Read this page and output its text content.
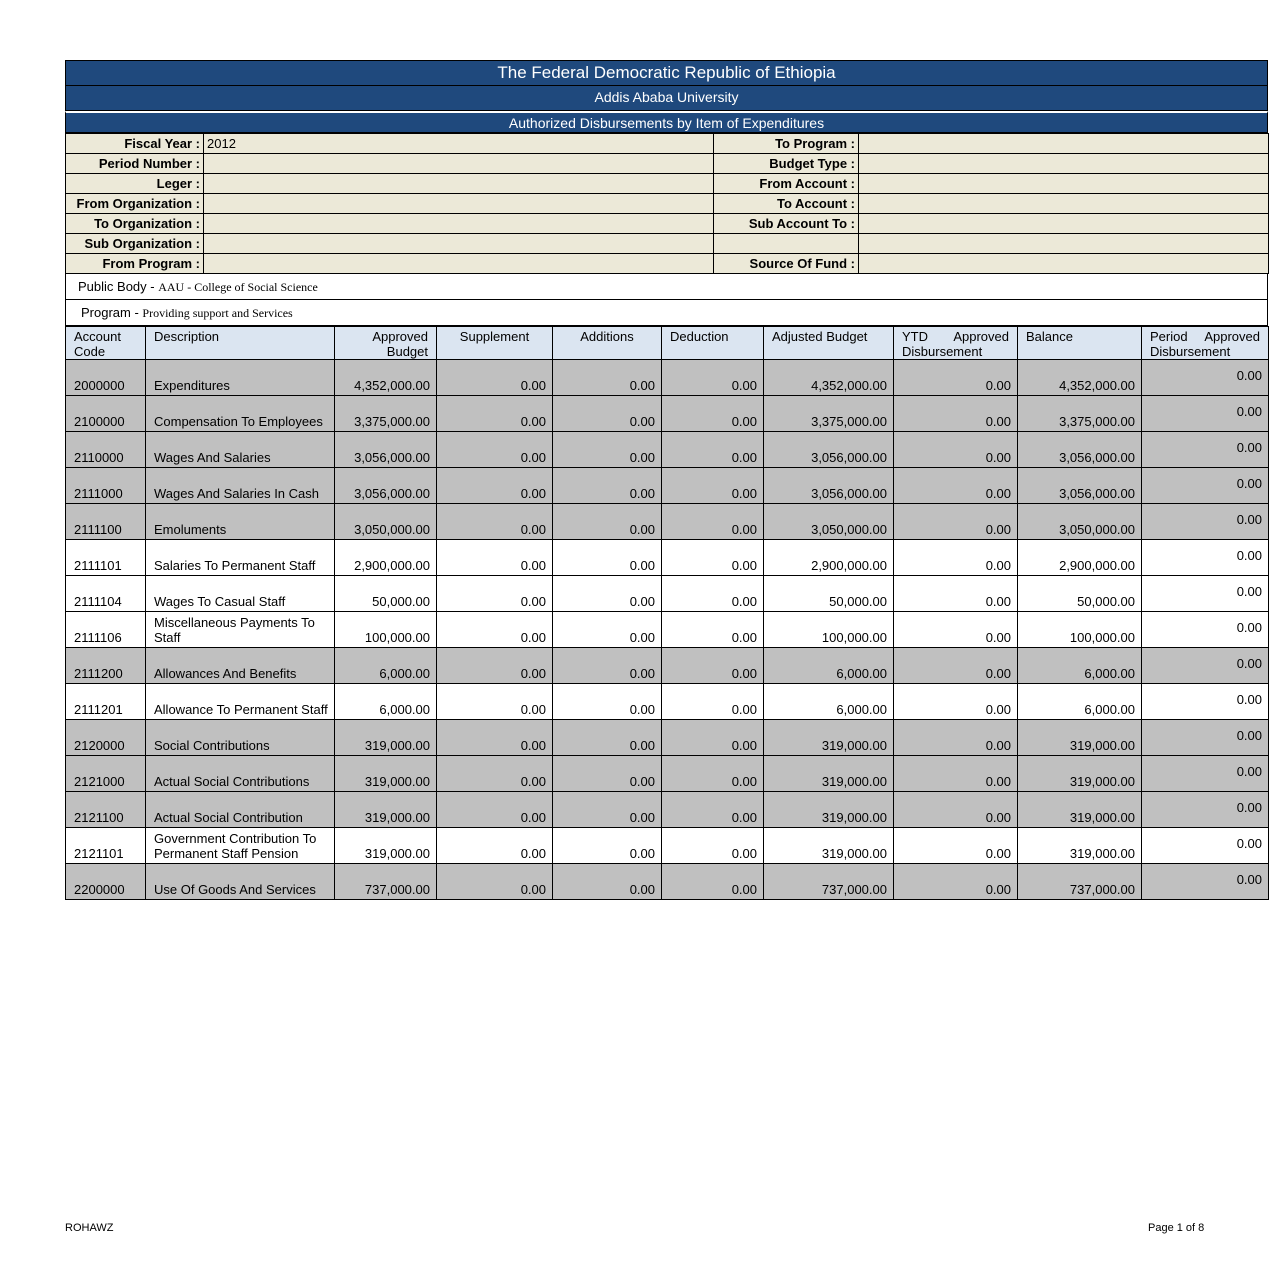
The Federal Democratic Republic of Ethiopia
Addis Ababa University
Authorized Disbursements by Item of Expenditures
Fiscal Year :	2012	To Program :	
Period Number :		Budget Type :	
Leger :		From Account :	
From Organization :		To Account :	
To Organization :		Sub Account To :	
Sub Organization :			
From Program :		Source Of Fund :	
Public Body - AAU - College of Social Science
Program - Providing support and Services
Account Code	Description	Approved Budget	Supplement	Additions	Deduction	Adjusted Budget	YTD Approved Disbursement	Balance	Period Approved Disbursement
2000000	Expenditures	4,352,000.00	0.00	0.00	0.00	4,352,000.00	0.00	4,352,000.00	0.00
2100000	Compensation To Employees	3,375,000.00	0.00	0.00	0.00	3,375,000.00	0.00	3,375,000.00	0.00
2110000	Wages And Salaries	3,056,000.00	0.00	0.00	0.00	3,056,000.00	0.00	3,056,000.00	0.00
2111000	Wages And Salaries In Cash	3,056,000.00	0.00	0.00	0.00	3,056,000.00	0.00	3,056,000.00	0.00
2111100	Emoluments	3,050,000.00	0.00	0.00	0.00	3,050,000.00	0.00	3,050,000.00	0.00
2111101	Salaries To Permanent Staff	2,900,000.00	0.00	0.00	0.00	2,900,000.00	0.00	2,900,000.00	0.00
2111104	Wages To Casual Staff	50,000.00	0.00	0.00	0.00	50,000.00	0.00	50,000.00	0.00
2111106	Miscellaneous Payments To Staff	100,000.00	0.00	0.00	0.00	100,000.00	0.00	100,000.00	0.00
2111200	Allowances And Benefits	6,000.00	0.00	0.00	0.00	6,000.00	0.00	6,000.00	0.00
2111201	Allowance To Permanent Staff	6,000.00	0.00	0.00	0.00	6,000.00	0.00	6,000.00	0.00
2120000	Social Contributions	319,000.00	0.00	0.00	0.00	319,000.00	0.00	319,000.00	0.00
2121000	Actual Social Contributions	319,000.00	0.00	0.00	0.00	319,000.00	0.00	319,000.00	0.00
2121100	Actual Social Contribution	319,000.00	0.00	0.00	0.00	319,000.00	0.00	319,000.00	0.00
2121101	Government Contribution To Permanent Staff Pension	319,000.00	0.00	0.00	0.00	319,000.00	0.00	319,000.00	0.00
2200000	Use Of Goods And Services	737,000.00	0.00	0.00	0.00	737,000.00	0.00	737,000.00	0.00
ROHAWZ	Page 1 of 8
